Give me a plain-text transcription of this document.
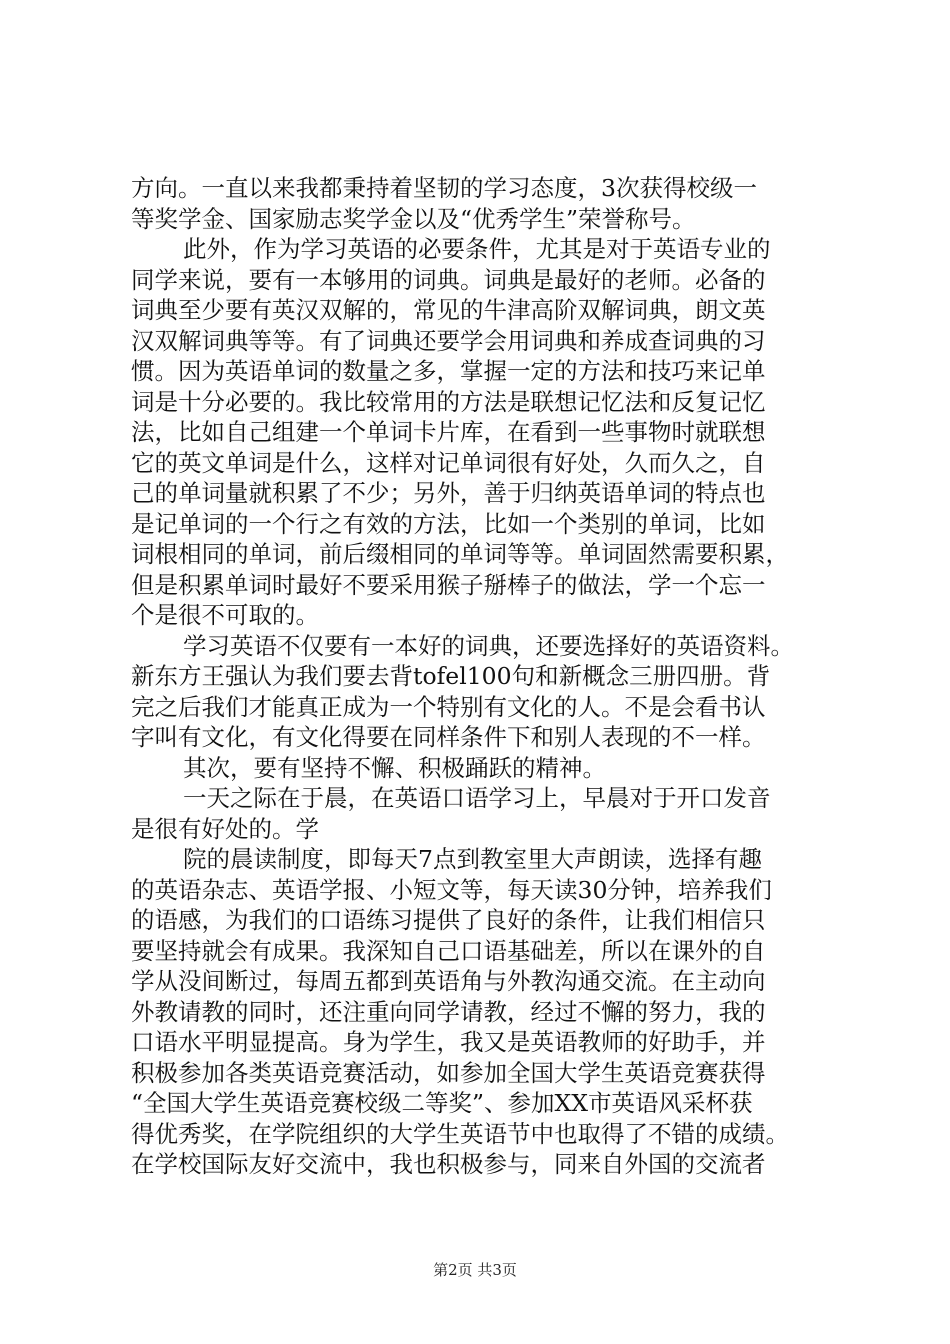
方向。一直以来我都秉持着坚韧的学习态度，3次获得校级一
等奖学金、国家励志奖学金以及“优秀学生”荣誉称号。
此外，作为学习英语的必要条件，尤其是对于英语专业的
同学来说，要有一本够用的词典。词典是最好的老师。必备的
词典至少要有英汉双解的，常见的牛津高阶双解词典，朗文英
汉双解词典等等。有了词典还要学会用词典和养成查词典的习
惯。因为英语单词的数量之多，掌握一定的方法和技巧来记单
词是十分必要的。我比较常用的方法是联想记忆法和反复记忆
法，比如自己组建一个单词卡片库，在看到一些事物时就联想
它的英文单词是什么，这样对记单词很有好处，久而久之，自
己的单词量就积累了不少；另外，善于归纳英语单词的特点也
是记单词的一个行之有效的方法，比如一个类别的单词，比如
词根相同的单词，前后缀相同的单词等等。单词固然需要积累，
但是积累单词时最好不要采用猴子掰棒子的做法，学一个忘一
个是很不可取的。
学习英语不仅要有一本好的词典，还要选择好的英语资料。
新东方王强认为我们要去背tofel100句和新概念三册四册。背
完之后我们才能真正成为一个特别有文化的人。不是会看书认
字叫有文化，有文化得要在同样条件下和别人表现的不一样。
其次，要有坚持不懈、积极踊跃的精神。
一天之际在于晨，在英语口语学习上，早晨对于开口发音
是很有好处的。学
院的晨读制度，即每天7点到教室里大声朗读，选择有趣
的英语杂志、英语学报、小短文等，每天读30分钟，培养我们
的语感，为我们的口语练习提供了良好的条件，让我们相信只
要坚持就会有成果。我深知自己口语基础差，所以在课外的自
学从没间断过，每周五都到英语角与外教沟通交流。在主动向
外教请教的同时，还注重向同学请教，经过不懈的努力，我的
口语水平明显提高。身为学生，我又是英语教师的好助手，并
积极参加各类英语竞赛活动，如参加全国大学生英语竞赛获得
“全国大学生英语竞赛校级二等奖”、参加XX市英语风采杯获
得优秀奖，在学院组织的大学生英语节中也取得了不错的成绩。
在学校国际友好交流中，我也积极参与，同来自外国的交流者
第2页 共3页
